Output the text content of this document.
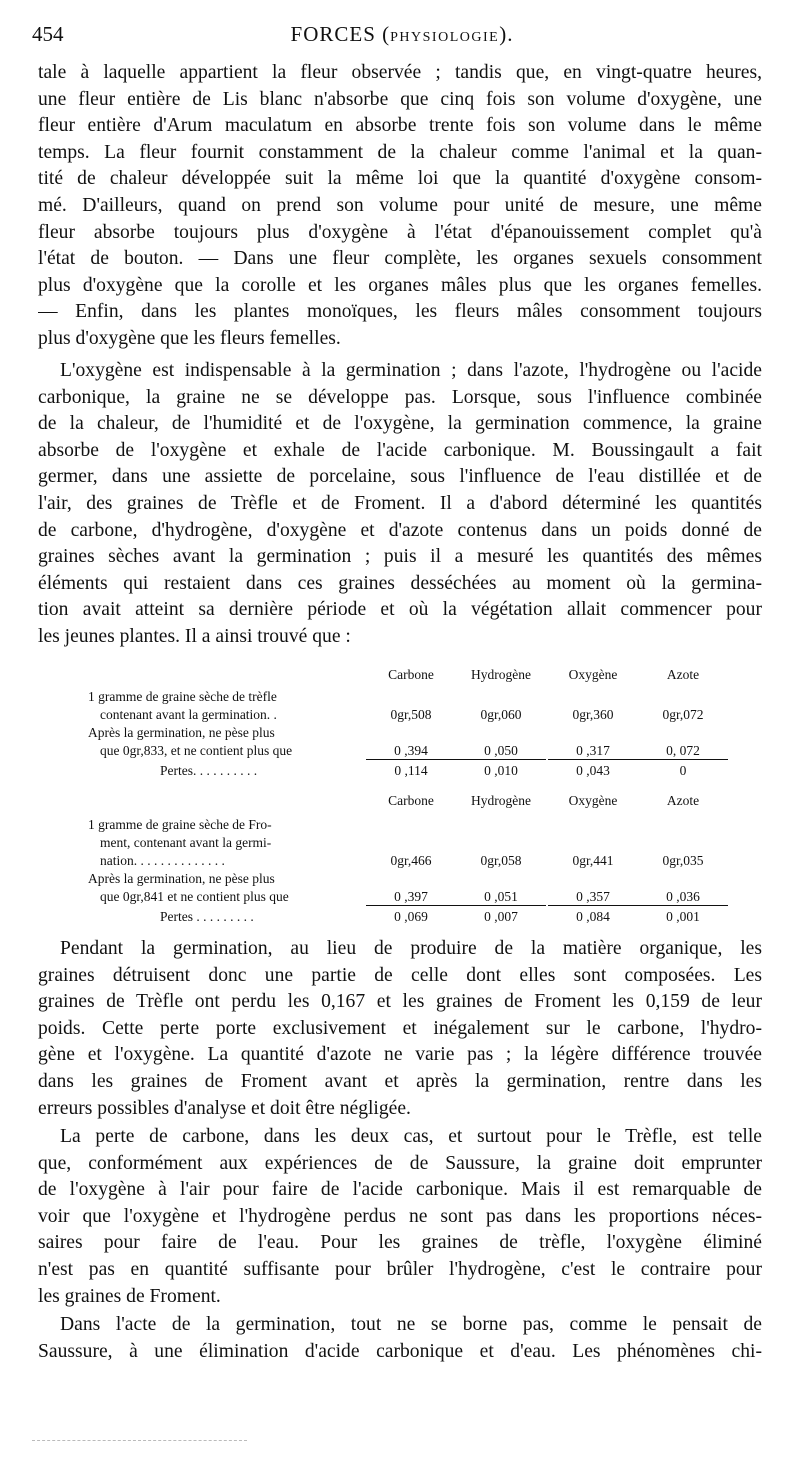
454	FORCES (PHYSIOLOGIE).
tale à laquelle appartient la fleur observée ; tandis que, en vingt-quatre heures,
une fleur entière de Lis blanc n'absorbe que cinq fois son volume d'oxygène, une
fleur entière d'Arum maculatum en absorbe trente fois son volume dans le même
temps. La fleur fournit constamment de la chaleur comme l'animal et la quan-
tité de chaleur développée suit la même loi que la quantité d'oxygène consom-
mé. D'ailleurs, quand on prend son volume pour unité de mesure, une même
fleur absorbe toujours plus d'oxygène à l'état d'épanouissement complet qu'à
l'état de bouton. — Dans une fleur complète, les organes sexuels consomment
plus d'oxygène que la corolle et les organes mâles plus que les organes femelles.
— Enfin, dans les plantes monoïques, les fleurs mâles consomment toujours
plus d'oxygène que les fleurs femelles.
L'oxygène est indispensable à la germination ; dans l'azote, l'hydrogène ou l'acide
carbonique, la graine ne se développe pas. Lorsque, sous l'influence combinée
de la chaleur, de l'humidité et de l'oxygène, la germination commence, la graine
absorbe de l'oxygène et exhale de l'acide carbonique. M. Boussingault a fait
germer, dans une assiette de porcelaine, sous l'influence de l'eau distillée et de
l'air, des graines de Trèfle et de Froment. Il a d'abord déterminé les quantités
de carbone, d'hydrogène, d'oxygène et d'azote contenus dans un poids donné de
graines sèches avant la germination ; puis il a mesuré les quantités des mêmes
éléments qui restaient dans ces graines desséchées au moment où la germina-
tion avait atteint sa dernière période et où la végétation allait commencer pour
les jeunes plantes. Il a ainsi trouvé que :
Carbone	Hydrogène	Oxygène	Azote
1 gramme de graine sèche de trèfle
contenant avant la germination. .	0gr,508	0gr,060	0gr,360	0gr,072
Après la germination, ne pèse plus
que 0gr,833, et ne contient plus que	0 ,394	0 ,050	0 ,317	0, 072
Pertes. . . . . . . . . .	0 ,114	0 ,010	0 ,043	0
Carbone	Hydrogène	Oxygène	Azote
1 gramme de graine sèche de Fro-
ment, contenant avant la germi-
nation. . . . . . . . . . . . . .	0gr,466	0gr,058	0gr,441	0gr,035
Après la germination, ne pèse plus
que 0gr,841 et ne contient plus que	0 ,397	0 ,051	0 ,357	0 ,036
Pertes . . . . . . . . .	0 ,069	0 ,007	0 ,084	0 ,001
Pendant la germination, au lieu de produire de la matière organique, les
graines détruisent donc une partie de celle dont elles sont composées. Les
graines de Trèfle ont perdu les 0,167 et les graines de Froment les 0,159 de leur
poids. Cette perte porte exclusivement et inégalement sur le carbone, l'hydro-
gène et l'oxygène. La quantité d'azote ne varie pas ; la légère différence trouvée
dans les graines de Froment avant et après la germination, rentre dans les
erreurs possibles d'analyse et doit être négligée.
La perte de carbone, dans les deux cas, et surtout pour le Trèfle, est telle
que, conformément aux expériences de de Saussure, la graine doit emprunter
de l'oxygène à l'air pour faire de l'acide carbonique. Mais il est remarquable de
voir que l'oxygène et l'hydrogène perdus ne sont pas dans les proportions néces-
saires pour faire de l'eau. Pour les graines de trèfle, l'oxygène éliminé
n'est pas en quantité suffisante pour brûler l'hydrogène, c'est le contraire pour
les graines de Froment.
Dans l'acte de la germination, tout ne se borne pas, comme le pensait de
Saussure, à une élimination d'acide carbonique et d'eau. Les phénomènes chi-
